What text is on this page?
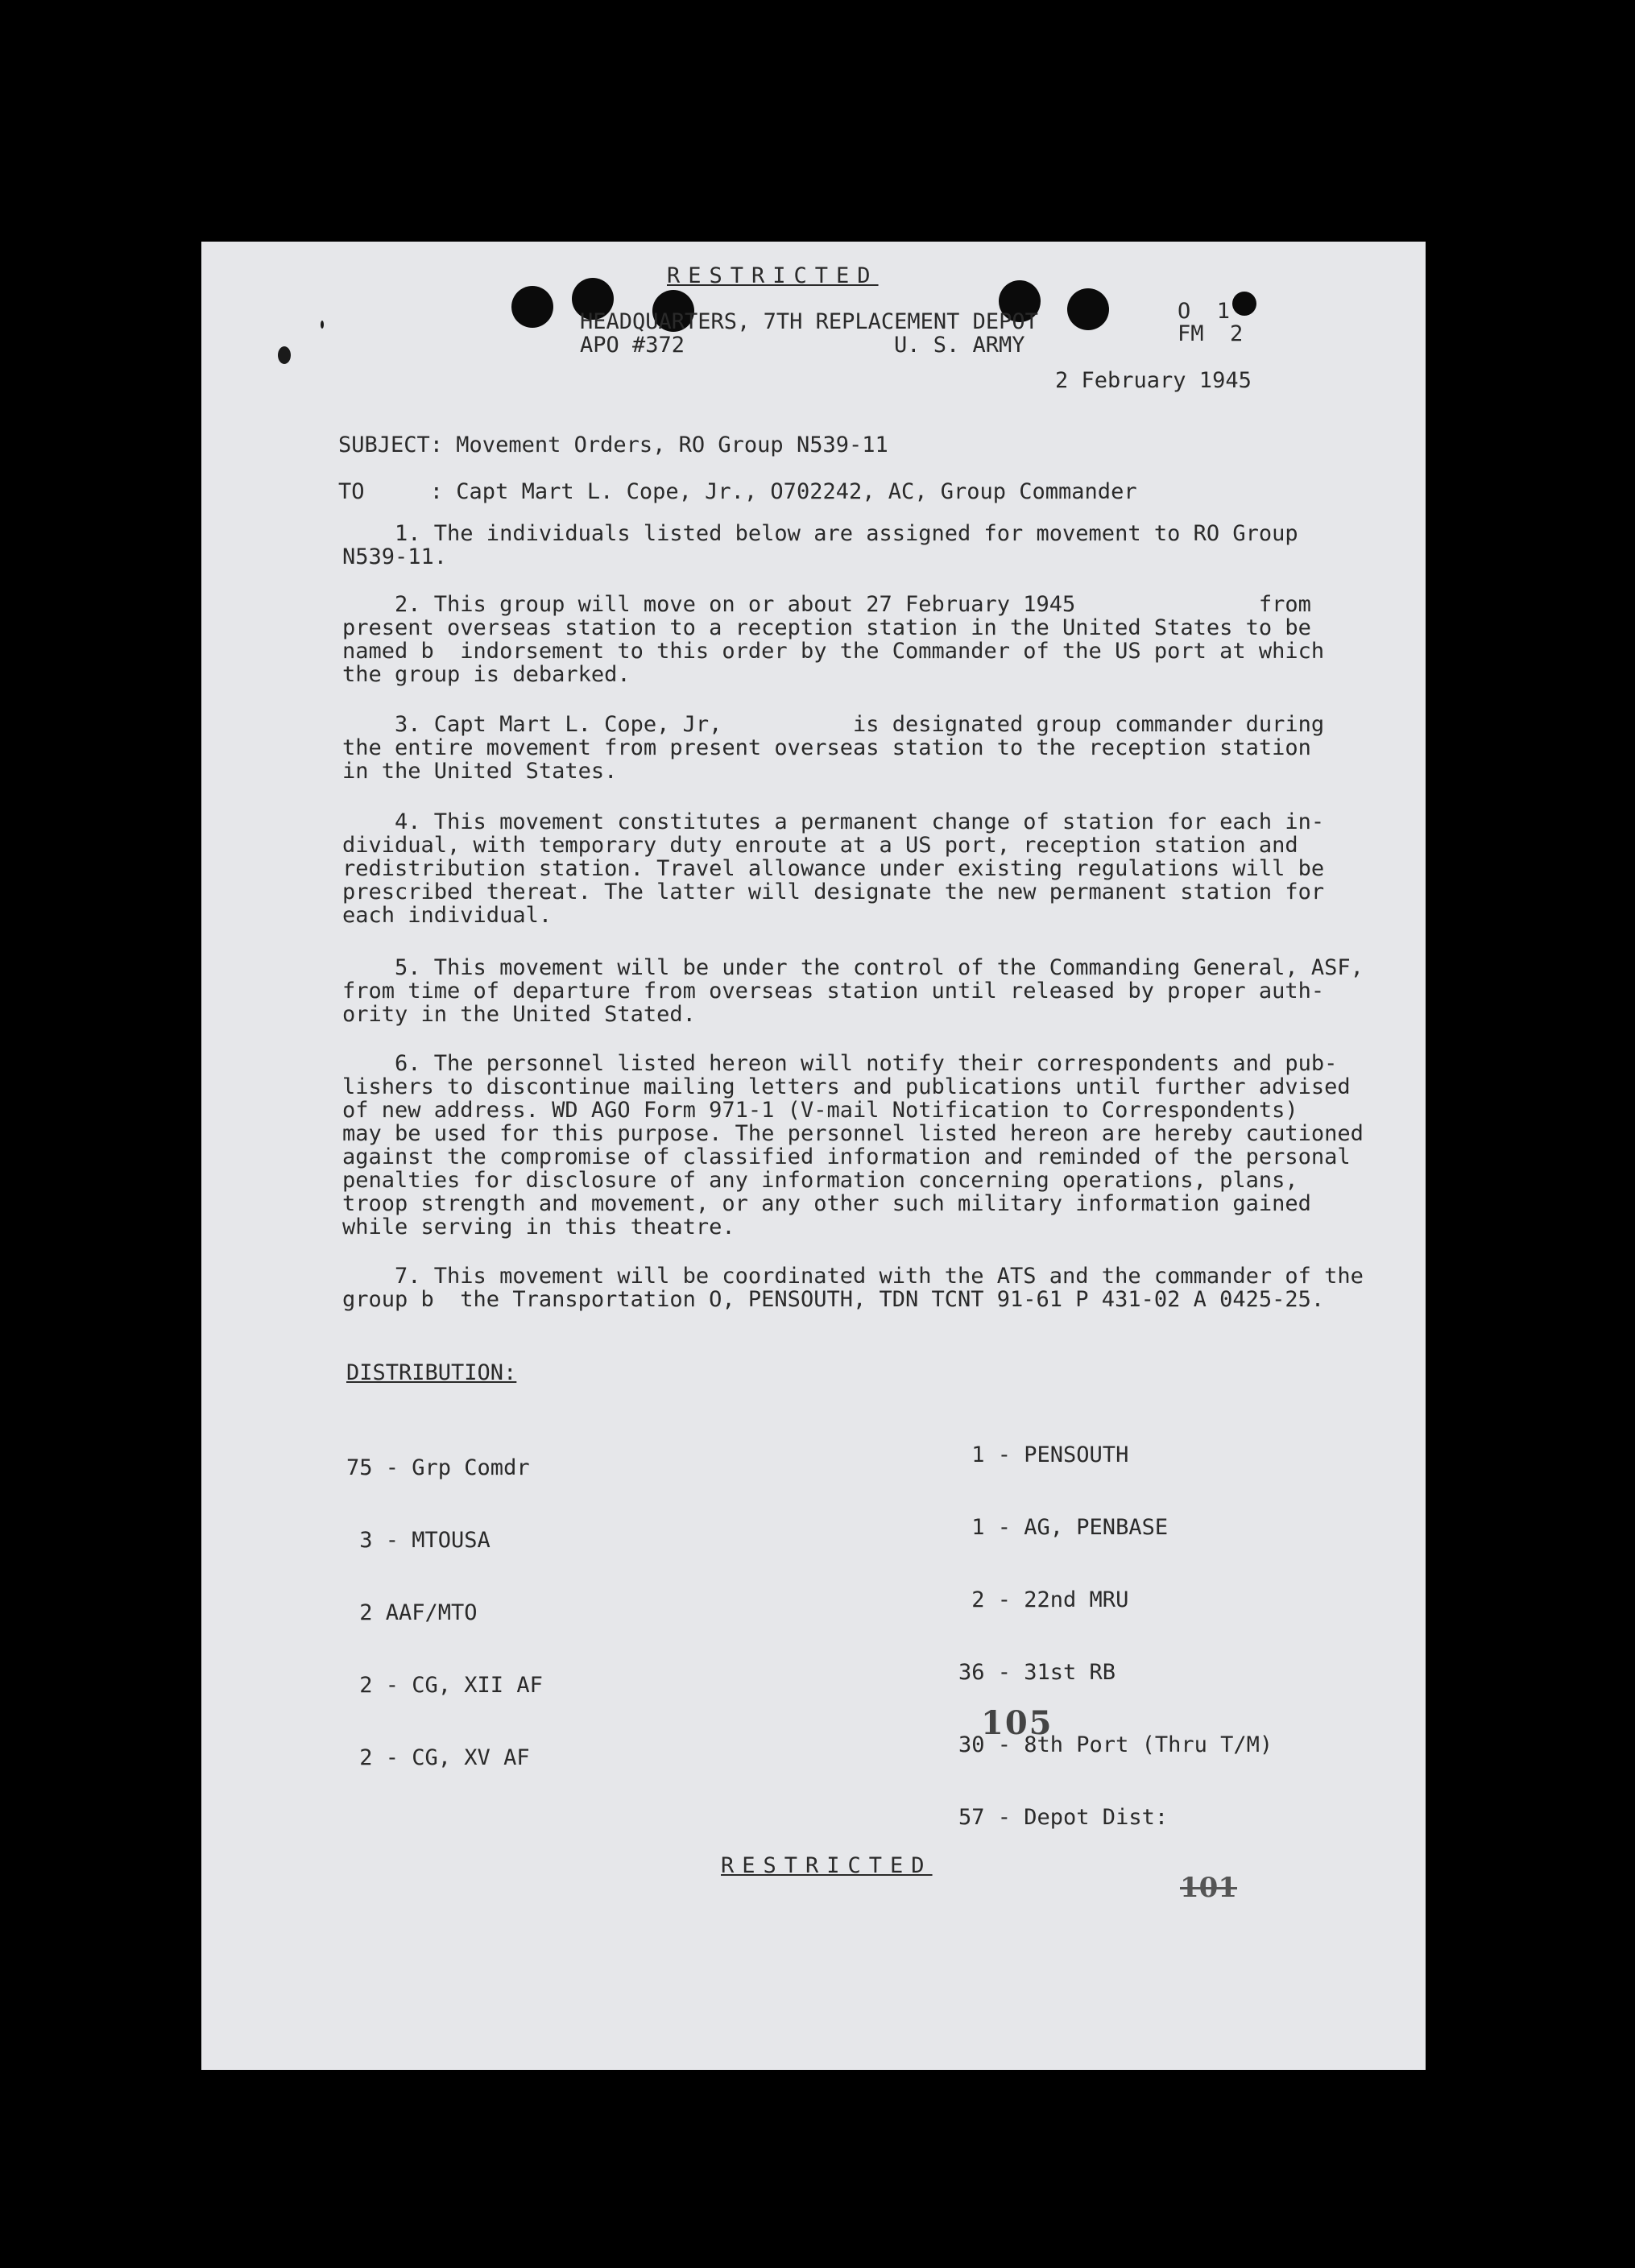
RESTRICTED
HEADQUARTERS, 7TH REPLACEMENT DEPOT
APO #372	U. S. ARMY
O  1
FM  2
2 February 1945
SUBJECT: Movement Orders, RO Group N539-11
TO     : Capt Mart L. Cope, Jr., O702242, AC, Group Commander
1. The individuals listed below are assigned for movement to RO Group
N539-11.
2. This group will move on or about 27 February 1945              from
present overseas station to a reception station in the United States to be
named b  indorsement to this order by the Commander of the US port at which
the group is debarked.
3. Capt Mart L. Cope, Jr,          is designated group commander during
the entire movement from present overseas station to the reception station
in the United States.
4. This movement constitutes a permanent change of station for each in-
dividual, with temporary duty enroute at a US port, reception station and
redistribution station. Travel allowance under existing regulations will be
prescribed thereat. The latter will designate the new permanent station for
each individual.
5. This movement will be under the control of the Commanding General, ASF,
from time of departure from overseas station until released by proper auth-
ority in the United Stated.
6. The personnel listed hereon will notify their correspondents and pub-
lishers to discontinue mailing letters and publications until further advised
of new address. WD AGO Form 971-1 (V-mail Notification to Correspondents)
may be used for this purpose. The personnel listed hereon are hereby cautioned
against the compromise of classified information and reminded of the personal
penalties for disclosure of any information concerning operations, plans,
troop strength and movement, or any other such military information gained
while serving in this theatre.
7. This movement will be coordinated with the ATS and the commander of the
group b  the Transportation O, PENSOUTH, TDN TCNT 91-61 P 431-02 A 0425-25.
DISTRIBUTION:

75 - Grp Comdr

3 - MTOUSA

2 AAF/MTO

2 - CG, XII AF

2 - CG, XV AF

1 - PENSOUTH

1 - AG, PENBASE

2 - 22nd MRU

36 - 31st RB

30 - 8th Port (Thru T/M)

57 - Depot Dist:

105
RESTRICTED
101
